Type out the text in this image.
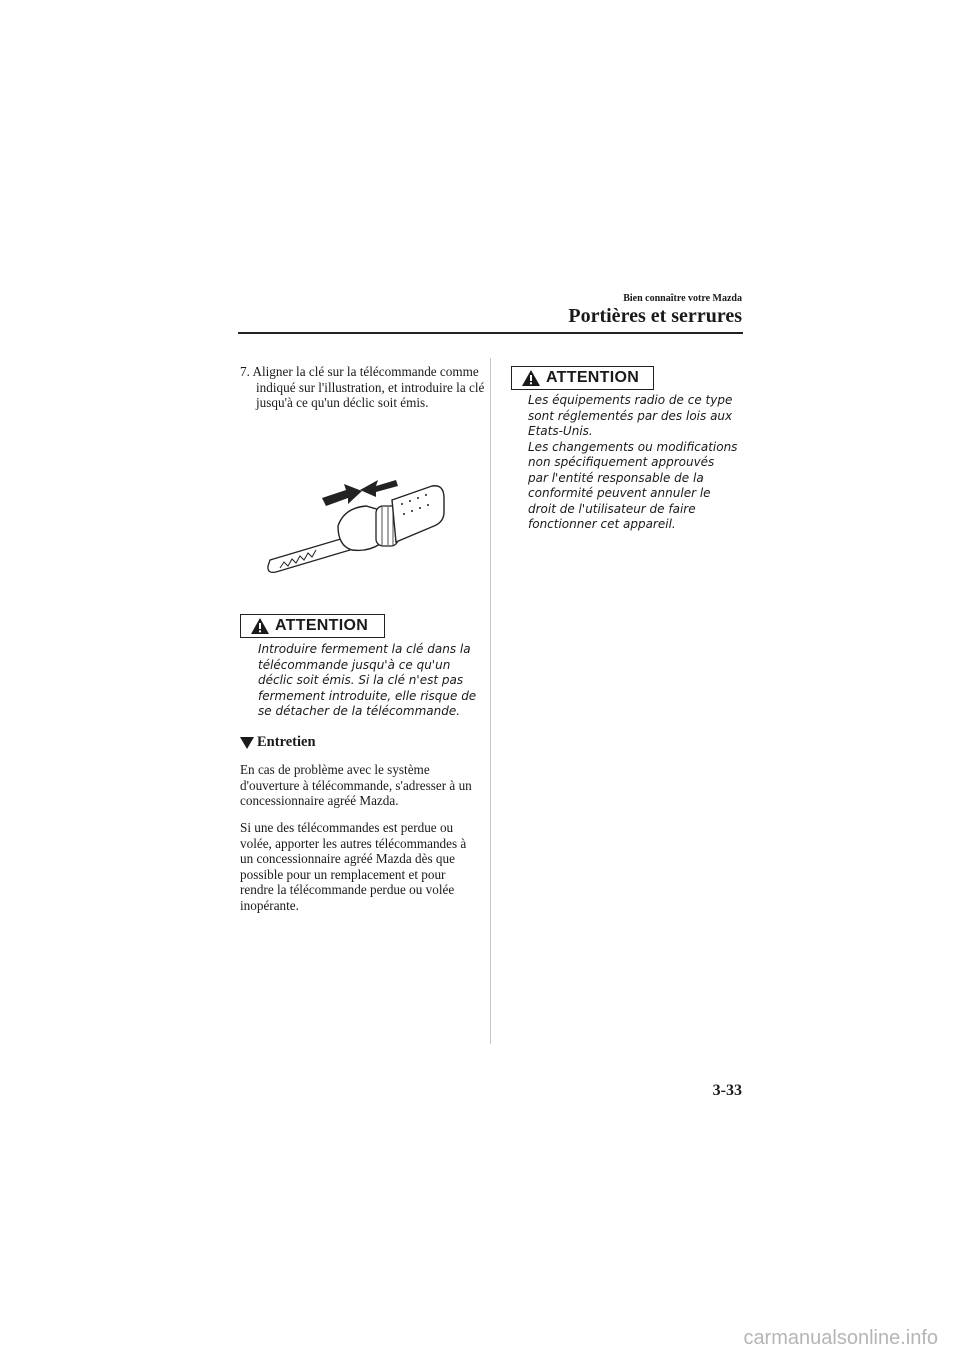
Bien connaître votre Mazda
Portières et serrures
7. Aligner la clé sur la télécommande comme indiqué sur l'illustration, et introduire la clé jusqu'à ce qu'un déclic soit émis.
ATTENTION
Introduire fermement la clé dans la télécommande jusqu'à ce qu'un déclic soit émis. Si la clé n'est pas fermement introduite, elle risque de se détacher de la télécommande.
Entretien
En cas de problème avec le système d'ouverture à télécommande, s'adresser à un concessionnaire agréé Mazda.
Si une des télécommandes est perdue ou volée, apporter les autres télécommandes à un concessionnaire agréé Mazda dès que possible pour un remplacement et pour rendre la télécommande perdue ou volée inopérante.
ATTENTION
Les équipements radio de ce type sont réglementés par des lois aux Etats-Unis.
Les changements ou modifications non spécifiquement approuvés par l'entité responsable de la conformité peuvent annuler le droit de l'utilisateur de faire fonctionner cet appareil.
3-33
carmanualsonline.info
